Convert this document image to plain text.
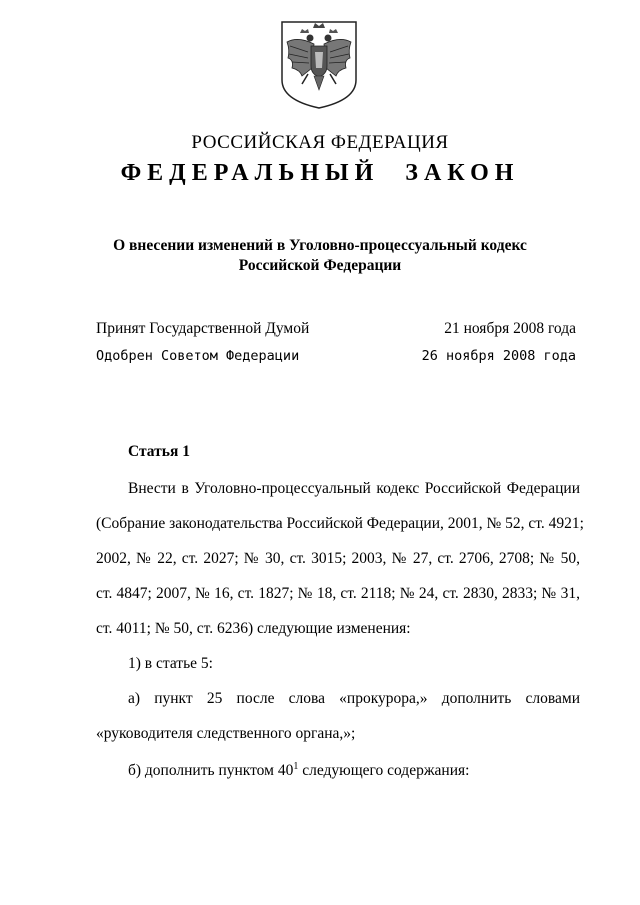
РОССИЙСКАЯ ФЕДЕРАЦИЯ
ФЕДЕРАЛЬНЫЙ ЗАКОН
О внесении изменений в Уголовно-процессуальный кодекс
Российской Федерации
Принят Государственной Думой	21 ноября 2008 года
Одобрен Советом Федерации	26 ноября 2008 года
Статья 1
Внести в Уголовно-процессуальный кодекс Российской Федерации
(Собрание законодательства Российской Федерации, 2001, № 52, ст. 4921;
2002, № 22, ст. 2027; № 30, ст. 3015; 2003, № 27, ст. 2706, 2708; № 50,
ст. 4847; 2007, № 16, ст. 1827; № 18, ст. 2118; № 24, ст. 2830, 2833; № 31,
ст. 4011; № 50, ст. 6236) следующие изменения:
1) в статье 5:
а) пункт 25 после слова «прокурора,» дополнить словами
«руководителя следственного органа,»;
б) дополнить пунктом $40^1$ следующего содержания:
